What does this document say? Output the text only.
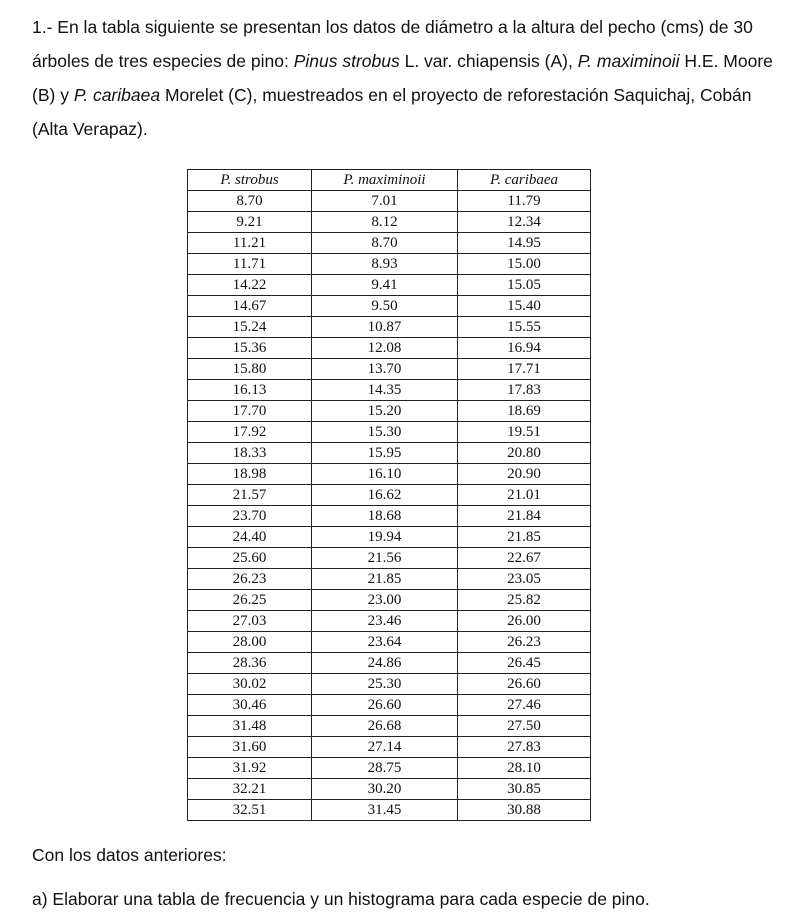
1.- En la tabla siguiente se presentan los datos de diámetro a la altura del pecho (cms) de 30 árboles de tres especies de pino: Pinus strobus L. var. chiapensis (A), P. maximinoii H.E. Moore (B) y P. caribaea Morelet (C), muestreados en el proyecto de reforestación Saquichaj, Cobán (Alta Verapaz).

P. strobus	P. maximinoii	P. caribaea
8.70	7.01	11.79
9.21	8.12	12.34
11.21	8.70	14.95
11.71	8.93	15.00
14.22	9.41	15.05
14.67	9.50	15.40
15.24	10.87	15.55
15.36	12.08	16.94
15.80	13.70	17.71
16.13	14.35	17.83
17.70	15.20	18.69
17.92	15.30	19.51
18.33	15.95	20.80
18.98	16.10	20.90
21.57	16.62	21.01
23.70	18.68	21.84
24.40	19.94	21.85
25.60	21.56	22.67
26.23	21.85	23.05
26.25	23.00	25.82
27.03	23.46	26.00
28.00	23.64	26.23
28.36	24.86	26.45
30.02	25.30	26.60
30.46	26.60	27.46
31.48	26.68	27.50
31.60	27.14	27.83
31.92	28.75	28.10
32.21	30.20	30.85
32.51	31.45	30.88

Con los datos anteriores:

a) Elaborar una tabla de frecuencia y un histograma para cada especie de pino.
